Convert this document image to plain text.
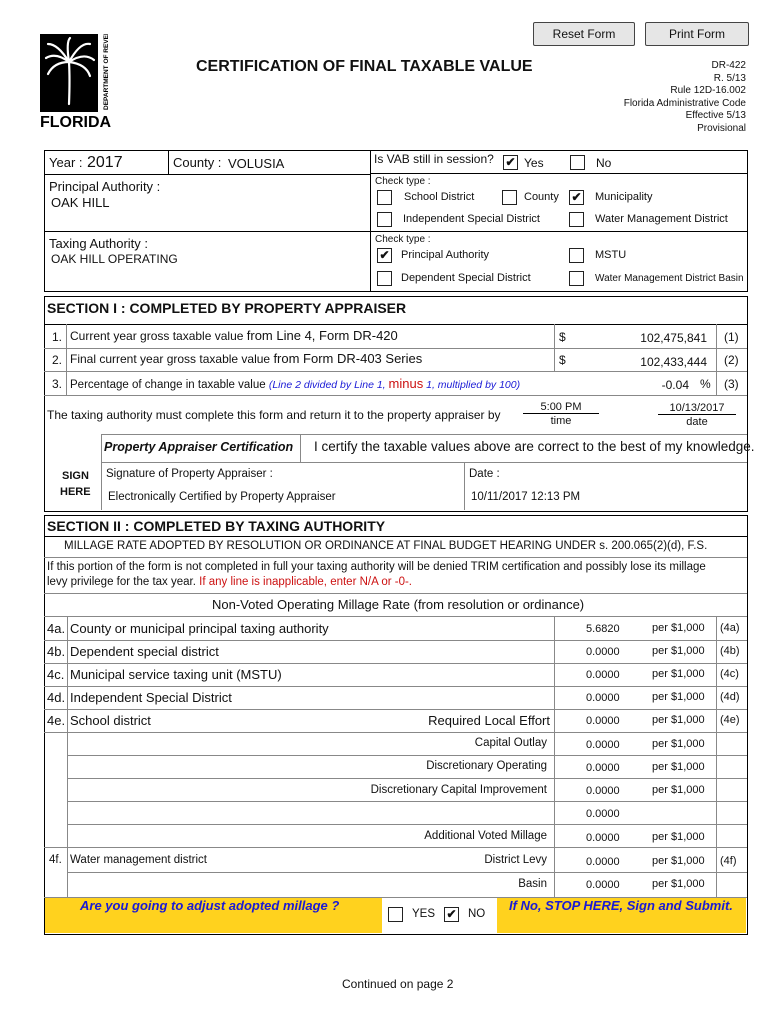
Reset Form	Print Form
DEPARTMENT OF REVENUE
FLORIDA
CERTIFICATION OF FINAL TAXABLE VALUE	DR-422
R. 5/13
Rule 12D-16.002
Florida Administrative Code
Effective 5/13
Provisional
Year : 2017	County : VOLUSIA	Is VAB still in session? ✔ Yes	No
Principal Authority :
OAK HILL
Check type :
School District	County ✔ Municipality
Independent Special District	Water Management District
Taxing Authority :
OAK HILL OPERATING
Check type :
✔ Principal Authority	MSTU
Dependent Special District	Water Management District Basin
SECTION I : COMPLETED BY PROPERTY APPRAISER
1. Current year gross taxable value from Line 4, Form DR-420	$	102,475,841 (1)
2. Final current year gross taxable value from Form DR-403 Series	$	102,433,444 (2)
3. Percentage of change in taxable value (Line 2 divided by Line 1, minus 1, multiplied by 100)	-0.04 % (3)
The taxing authority must complete this form and return it to the property appraiser by
5:00 PM
time
10/13/2017
date
Property Appraiser Certification I certify the taxable values above are correct to the best of my knowledge.
SIGN
HERE
Signature of Property Appraiser :
Electronically Certified by Property Appraiser
Date :
10/11/2017 12:13 PM
SECTION II : COMPLETED BY TAXING AUTHORITY
MILLAGE RATE ADOPTED BY RESOLUTION OR ORDINANCE AT FINAL BUDGET HEARING UNDER s. 200.065(2)(d), F.S.
If this portion of the form is not completed in full your taxing authority will be denied TRIM certification and possibly lose its millage
levy privilege for the tax year. If any line is inapplicable, enter N/A or -0-.
Non-Voted Operating Millage Rate (from resolution or ordinance)
4a. County or municipal principal taxing authority	5.6820	per $1,000 (4a)
4b. Dependent special district	0.0000	per $1,000 (4b)
4c. Municipal service taxing unit (MSTU)	0.0000	per $1,000 (4c)
4d. Independent Special District	0.0000	per $1,000 (4d)
4e. School district	Required Local Effort	0.0000	per $1,000 (4e)
Capital Outlay	0.0000	per $1,000
Discretionary Operating	0.0000	per $1,000
Discretionary Capital Improvement	0.0000	per $1,000
0.0000
Additional Voted Millage	0.0000	per $1,000
4f. Water management district	District Levy	0.0000	per $1,000 (4f)
Basin	0.0000	per $1,000
Are you going to adjust adopted millage ?
YES ✔ NO
If No, STOP HERE, Sign and Submit.
Continued on page 2
